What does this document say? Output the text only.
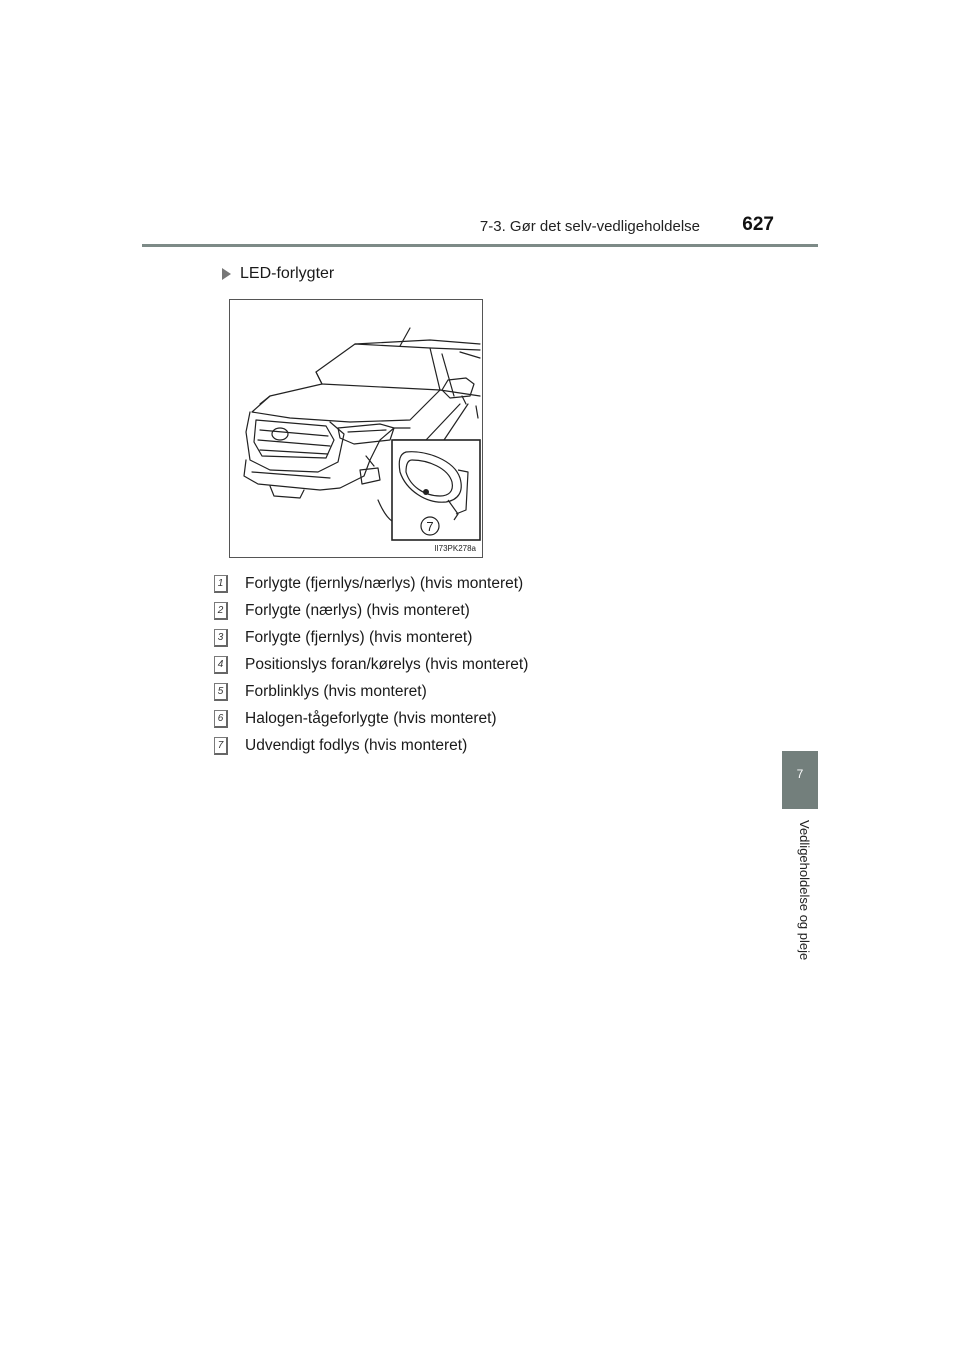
7-3. Gør det selv-vedligeholdelse	627
7
Vedligeholdelse og pleje
LED-forlygter
7
II73PK278a
1	Forlygte (fjernlys/nærlys) (hvis monteret)
2	Forlygte (nærlys) (hvis monteret)
3	Forlygte (fjernlys) (hvis monteret)
4	Positionslys foran/kørelys (hvis monteret)
5	Forblinklys (hvis monteret)
6	Halogen-tågeforlygte (hvis monteret)
7	Udvendigt fodlys (hvis monteret)
